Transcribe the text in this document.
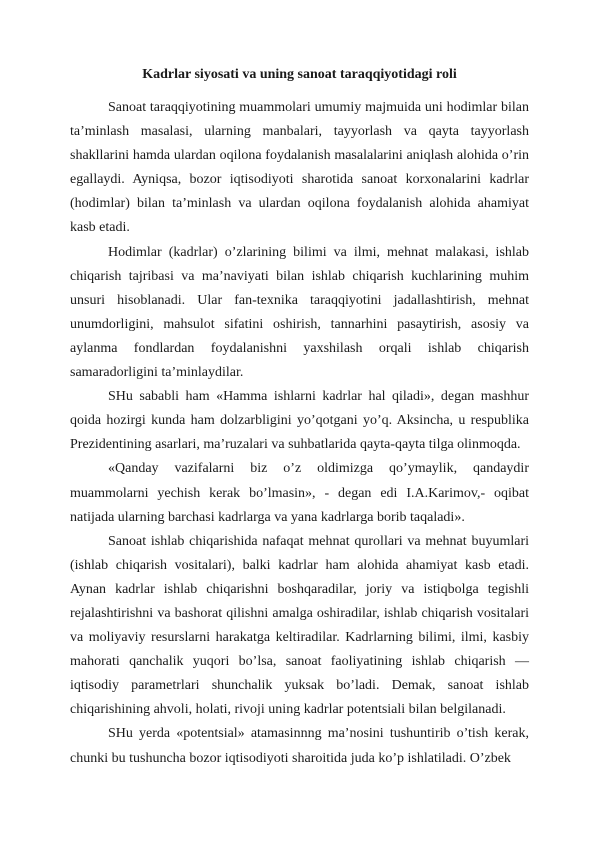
Kadrlar siyosati va uning sanoat taraqqiyotidagi roli

Sanoat taraqqiyotining muammolari umumiy majmuida uni hodimlar bilan ta’minlash masalasi, ularning manbalari, tayyorlash va qayta tayyorlash shakllarini hamda ulardan oqilona foydalanish masalalarini aniqlash alohida o’rin egallaydi. Ayniqsa, bozor iqtisodiyoti sharotida sanoat korxonalarini kadrlar (hodimlar) bilan ta’minlash va ulardan oqilona foydalanish alohida ahamiyat kasb etadi.

Hodimlar (kadrlar) o’zlarining bilimi va ilmi, mehnat malakasi, ishlab chiqarish tajribasi va ma’naviyati bilan ishlab chiqarish kuchlarining muhim unsuri hisoblanadi. Ular fan-texnika taraqqiyotini jadallashtirish, mehnat unumdorligini, mahsulot sifatini oshirish, tannarhini pasaytirish, asosiy va aylanma fondlardan foydalanishni yaxshilash orqali ishlab chiqarish samaradorligini ta’minlaydilar.

SHu sababli ham «Hamma ishlarni kadrlar hal qiladi», degan mashhur qoida hozirgi kunda ham dolzarbligini yo’qotgani yo’q. Aksincha, u respublika Prezidentining asarlari, ma’ruzalari va suhbatlarida qayta-qayta tilga olinmoqda.

«Qanday vazifalarni biz o’z oldimizga qo’ymaylik, qandaydir muammolarni yechish kerak bo’lmasin», - degan edi I.A.Karimov,- oqibat natijada ularning barchasi kadrlarga va yana kadrlarga borib taqaladi».

Sanoat ishlab chiqarishida nafaqat mehnat qurollari va mehnat buyumlari (ishlab chiqarish vositalari), balki kadrlar ham alohida ahamiyat kasb etadi. Aynan kadrlar ishlab chiqarishni boshqaradilar, joriy va istiqbolga tegishli rejalashtirishni va bashorat qilishni amalga oshiradilar, ishlab chiqarish vositalari va moliyaviy resurslarni harakatga keltiradilar. Kadrlarning bilimi, ilmi, kasbiy mahorati qanchalik yuqori bo’lsa, sanoat faoliyatining ishlab chiqarish — iqtisodiy parametrlari shunchalik yuksak bo’ladi. Demak, sanoat ishlab chiqarishining ahvoli, holati, rivoji uning kadrlar potentsiali bilan belgilanadi.

SHu yerda «potentsial» atamasinnng ma’nosini tushuntirib o’tish kerak, chunki bu tushuncha bozor iqtisodiyoti sharoitida juda ko’p ishlatiladi. O’zbek
